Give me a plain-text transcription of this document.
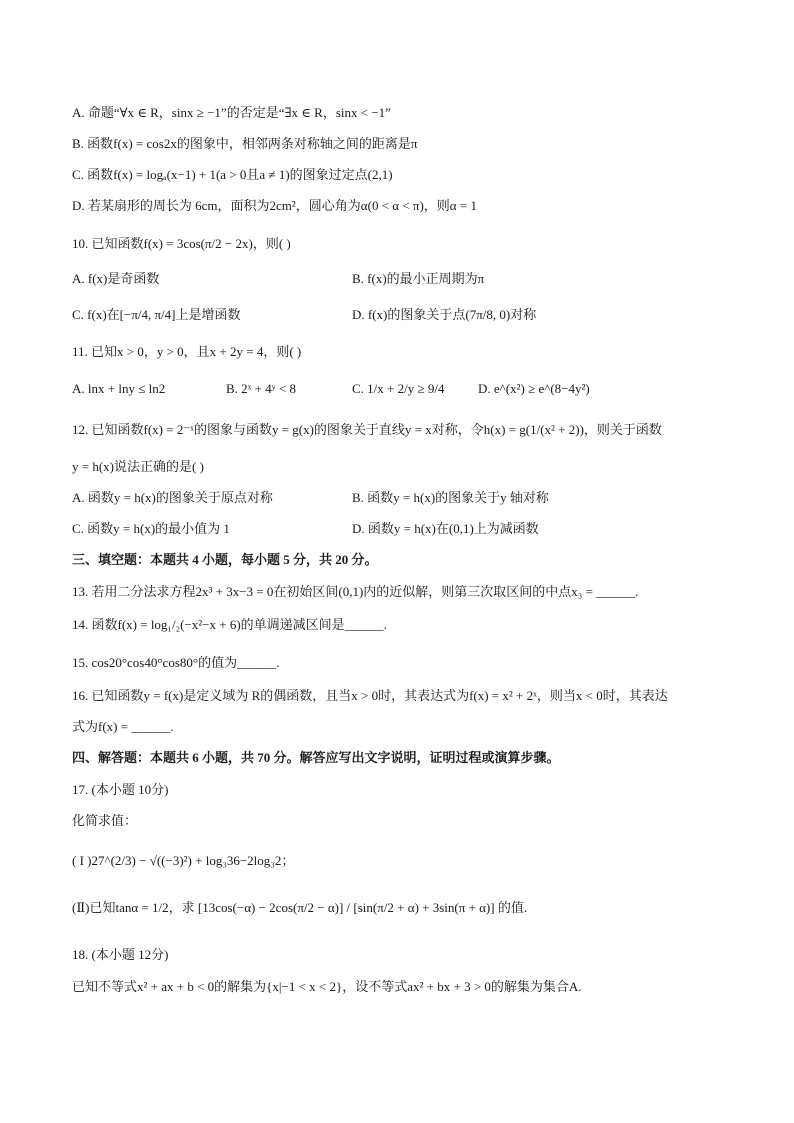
A. 命题“∀x ∈ R，sinx ≥ −1”的否定是“∃x ∈ R，sinx < −1”
B. 函数f(x) = cos2x的图象中，相邻两条对称轴之间的距离是π
C. 函数f(x) = logₐ(x−1) + 1(a > 0且a ≠ 1)的图象过定点(2,1)
D. 若某扇形的周长为 6cm，面积为2cm²，圆心角为α(0 < α < π)，则α = 1
10. 已知函数f(x) = 3cos(π/2 − 2x)，则( )
A. f(x)是奇函数	B. f(x)的最小正周期为π
C. f(x)在[−π/4, π/4]上是增函数	D. f(x)的图象关于点(7π/8, 0)对称
11. 已知x > 0，y > 0，且x + 2y = 4，则( )
A. lnx + lny ≤ ln2	B. 2ˣ + 4ʸ < 8	C. 1/x + 2/y ≥ 9/4	D. e^(x²) ≥ e^(8−4y²)
12. 已知函数f(x) = 2⁻ˣ的图象与函数y = g(x)的图象关于直线y = x对称，令h(x) = g(1/(x² + 2))，则关于函数
y = h(x)说法正确的是( )
A. 函数y = h(x)的图象关于原点对称	B. 函数y = h(x)的图象关于y 轴对称
C. 函数y = h(x)的最小值为 1	D. 函数y = h(x)在(0,1)上为减函数
三、填空题：本题共 4 小题，每小题 5 分，共 20 分。
13. 若用二分法求方程2x³ + 3x−3 = 0在初始区间(0,1)内的近似解，则第三次取区间的中点x₃ = ______.
14. 函数f(x) = log₁/₂(−x²−x + 6)的单调递减区间是______.
15. cos20°cos40°cos80°的值为______.
16. 已知函数y = f(x)是定义域为 R的偶函数，且当x > 0时，其表达式为f(x) = x² + 2ˣ，则当x < 0时，其表达
式为f(x) = ______.
四、解答题：本题共 6 小题，共 70 分。解答应写出文字说明，证明过程或演算步骤。
17. (本小题 10分)
化简求值：
( I )27^(2/3) − √((−3)²) + log₃36−2log₃2；
(Ⅱ)已知tanα = 1/2，求 [13cos(−α) − 2cos(π/2 − α)] / [sin(π/2 + α) + 3sin(π + α)] 的值.
18. (本小题 12分)
已知不等式x² + ax + b < 0的解集为{x|−1 < x < 2}，设不等式ax² + bx + 3 > 0的解集为集合A.
